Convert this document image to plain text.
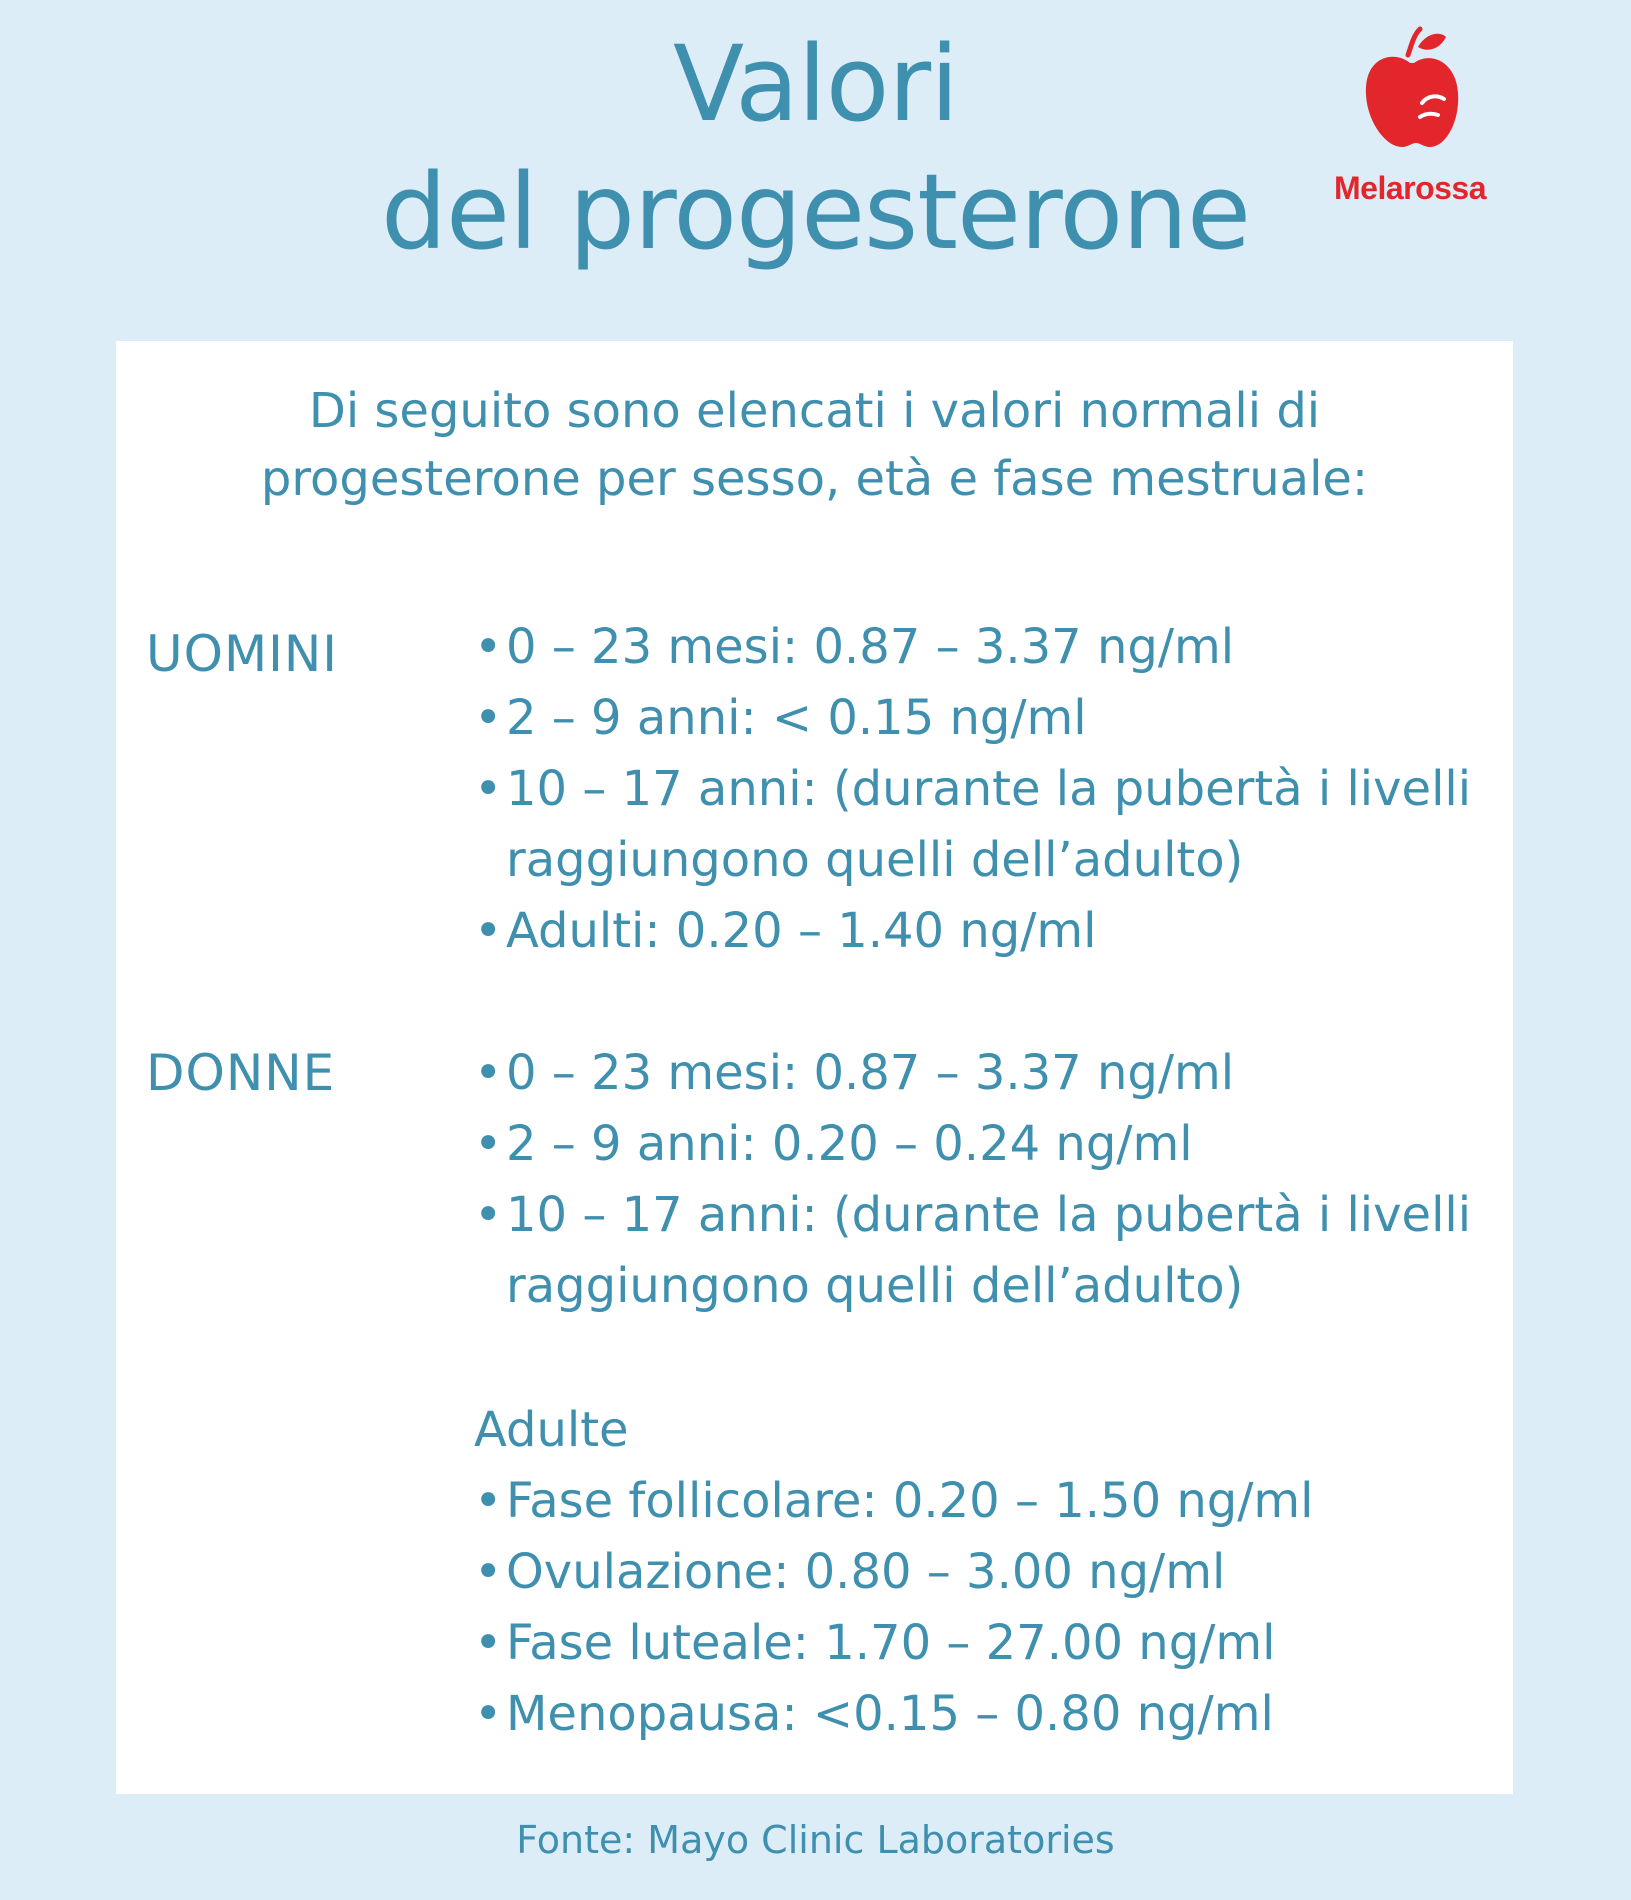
Valori
del progesterone	Melarossa
Di seguito sono elencati i valori normali di
progesterone per sesso, età e fase mestruale:
UOMINI	• 0 – 23 mesi: 0.87 – 3.37 ng/ml
• 2 – 9 anni: < 0.15 ng/ml
• 10 – 17 anni: (durante la pubertà i livelli raggiungono quelli dell’adulto)
• Adulti: 0.20 – 1.40 ng/ml
DONNE	• 0 – 23 mesi: 0.87 – 3.37 ng/ml
• 2 – 9 anni: 0.20 – 0.24 ng/ml
• 10 – 17 anni: (durante la pubertà i livelli raggiungono quelli dell’adulto)
Adulte
• Fase follicolare: 0.20 – 1.50 ng/ml
• Ovulazione: 0.80 – 3.00 ng/ml
• Fase luteale: 1.70 – 27.00 ng/ml
• Menopausa: <0.15 – 0.80 ng/ml
Fonte: Mayo Clinic Laboratories
